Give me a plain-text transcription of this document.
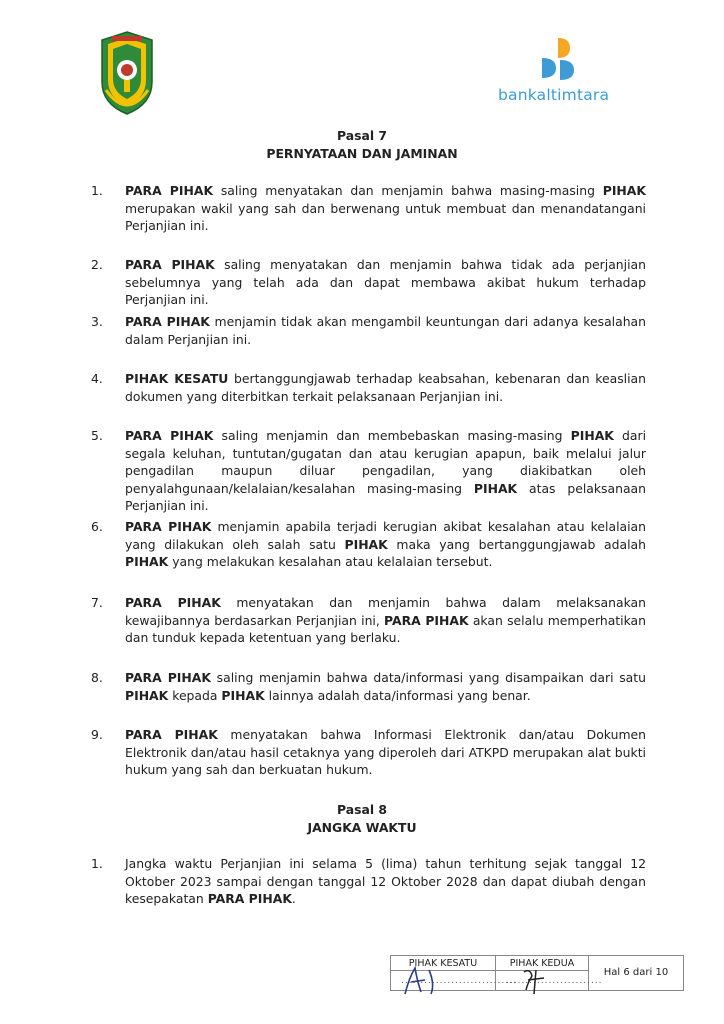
bankaltimtara
Pasal 7
PERNYATAAN DAN JAMINAN
1. PARA PIHAK saling menyatakan dan menjamin bahwa masing-masing PIHAK merupakan wakil yang sah dan berwenang untuk membuat dan menandatangani Perjanjian ini.
2. PARA PIHAK saling menyatakan dan menjamin bahwa tidak ada perjanjian sebelumnya yang telah ada dan dapat membawa akibat hukum terhadap Perjanjian ini.
3. PARA PIHAK menjamin tidak akan mengambil keuntungan dari adanya kesalahan dalam Perjanjian ini.
4. PIHAK KESATU bertanggungjawab terhadap keabsahan, kebenaran dan keaslian dokumen yang diterbitkan terkait pelaksanaan Perjanjian ini.
5. PARA PIHAK saling menjamin dan membebaskan masing-masing PIHAK dari segala keluhan, tuntutan/gugatan dan atau kerugian apapun, baik melalui jalur pengadilan maupun diluar pengadilan, yang diakibatkan oleh penyalahgunaan/kelalaian/kesalahan masing-masing PIHAK atas pelaksanaan Perjanjian ini.
6. PARA PIHAK menjamin apabila terjadi kerugian akibat kesalahan atau kelalaian yang dilakukan oleh salah satu PIHAK maka yang bertanggungjawab adalah PIHAK yang melakukan kesalahan atau kelalaian tersebut.
7. PARA PIHAK menyatakan dan menjamin bahwa dalam melaksanakan kewajibannya berdasarkan Perjanjian ini, PARA PIHAK akan selalu memperhatikan dan tunduk kepada ketentuan yang berlaku.
8. PARA PIHAK saling menjamin bahwa data/informasi yang disampaikan dari satu PIHAK kepada PIHAK lainnya adalah data/informasi yang benar.
9. PARA PIHAK menyatakan bahwa Informasi Elektronik dan/atau Dokumen Elektronik dan/atau hasil cetaknya yang diperoleh dari ATKPD merupakan alat bukti hukum yang sah dan berkuatan hukum.
Pasal 8
JANGKA WAKTU
1. Jangka waktu Perjanjian ini selama 5 (lima) tahun terhitung sejak tanggal 12 Oktober 2023 sampai dengan tanggal 12 Oktober 2028 dan dapat diubah dengan kesepakatan PARA PIHAK.
PIHAK KESATU
..............................
PIHAK KEDUA
.........................
Hal 6 dari 10
